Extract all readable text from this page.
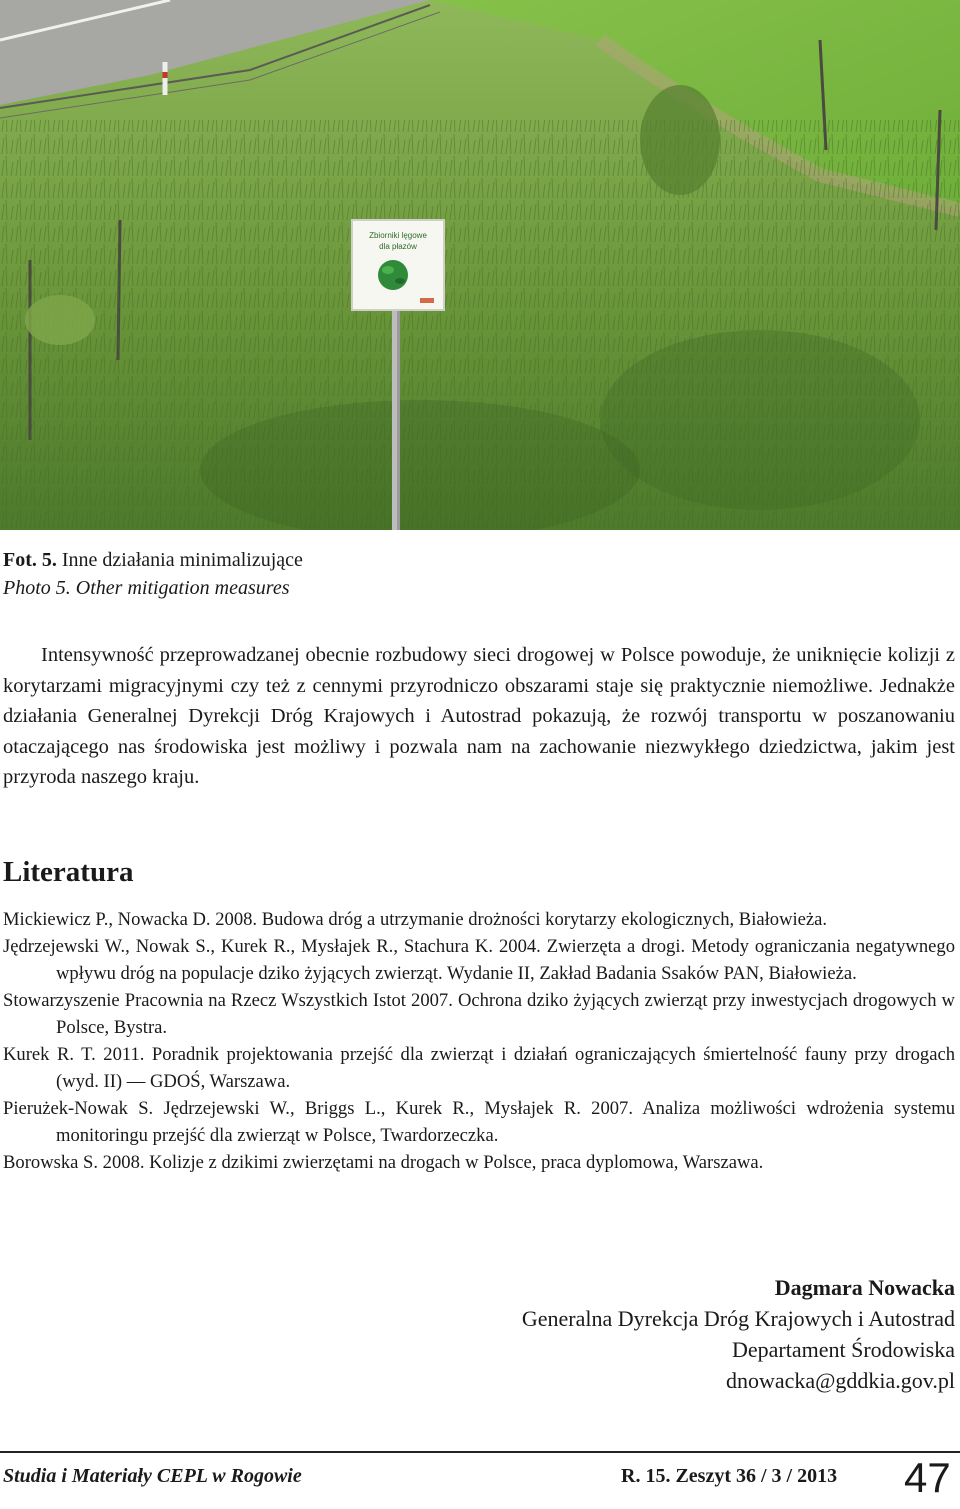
Zbiorniki lęgowe
dla płazów
Fot. 5. Inne działania minimalizujące
Photo 5. Other mitigation measures

Intensywność przeprowadzanej obecnie rozbudowy sieci drogowej w Polsce powoduje, że uniknięcie kolizji z korytarzami migracyjnymi czy też z cennymi przyrodniczo obszarami staje się praktycznie niemożliwe. Jednakże działania Generalnej Dyrekcji Dróg Krajowych i Autostrad pokazują, że rozwój transportu w poszanowaniu otaczającego nas środowiska jest możliwy i pozwala nam na zachowanie niezwykłego dziedzictwa, jakim jest przyroda naszego kraju.

Literatura

Mickiewicz P., Nowacka D. 2008. Budowa dróg a utrzymanie drożności korytarzy ekologicznych, Białowieża.

Jędrzejewski W., Nowak S., Kurek R., Mysłajek R., Stachura K. 2004. Zwierzęta a drogi. Metody ograniczania negatywnego wpływu dróg na populacje dziko żyjących zwierząt. Wydanie II, Zakład Badania Ssaków PAN, Białowieża.

Stowarzyszenie Pracownia na Rzecz Wszystkich Istot 2007. Ochrona dziko żyjących zwierząt przy inwestycjach drogowych w Polsce, Bystra.

Kurek R. T. 2011. Poradnik projektowania przejść dla zwierząt i działań ograniczających śmiertelność fauny przy drogach (wyd. II) — GDOŚ, Warszawa.

Pierużek-Nowak S. Jędrzejewski W., Briggs L., Kurek R., Mysłajek R. 2007. Analiza możliwości wdrożenia systemu monitoringu przejść dla zwierząt w Polsce, Twardorzeczka.

Borowska S. 2008. Kolizje z dzikimi zwierzętami na drogach w Polsce, praca dyplomowa, Warszawa.

Dagmara Nowacka
Generalna Dyrekcja Dróg Krajowych i Autostrad
Departament Środowiska
dnowacka@gddkia.gov.pl
Studia i Materiały CEPL w Rogowie	R. 15. Zeszyt 36 / 3 / 2013 47
